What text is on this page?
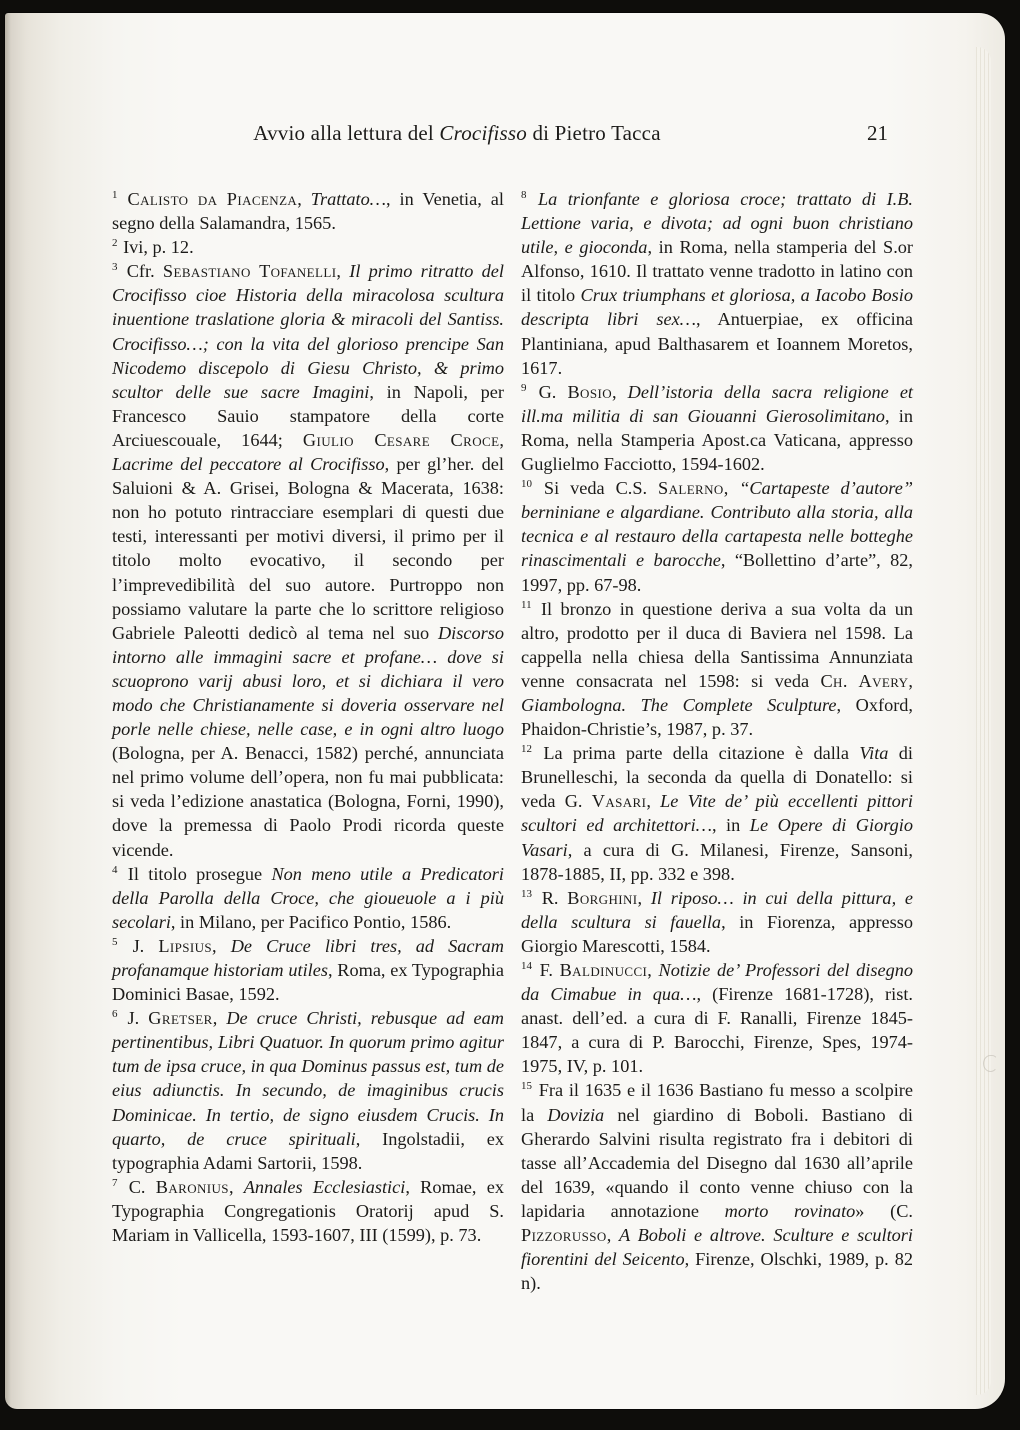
Avvio alla lettura del Crocifisso di Pietro Tacca	21

$^1$ Calisto da Piacenza, Trattato…, in Venetia, al segno della Salamandra, 1565.

$^2$ Ivi, p. 12.

$^3$ Cfr. Sebastiano Tofanelli, Il primo ritratto del Crocifisso cioe Historia della miracolosa scultura inuentione traslatione gloria & miracoli del Santiss. Crocifisso…; con la vita del glorioso prencipe San Nicodemo discepolo di Giesu Christo, & primo scultor delle sue sacre Imagini, in Napoli, per Francesco Sauio stampatore della corte Arciuescouale, 1644; Giulio Cesare Croce, Lacrime del peccatore al Crocifisso, per gl’her. del Saluioni & A. Grisei, Bologna & Macerata, 1638: non ho potuto rintracciare esemplari di questi due testi, interessanti per motivi diversi, il primo per il titolo molto evocativo, il secondo per l’imprevedibilità del suo autore. Purtroppo non possiamo valutare la parte che lo scrittore religioso Gabriele Paleotti dedicò al tema nel suo Discorso intorno alle immagini sacre et profane… dove si scuoprono varij abusi loro, et si dichiara il vero modo che Christianamente si doveria osservare nel porle nelle chiese, nelle case, e in ogni altro luogo (Bologna, per A. Benacci, 1582) perché, annunciata nel primo volume dell’opera, non fu mai pubblicata: si veda l’edizione anastatica (Bologna, Forni, 1990), dove la premessa di Paolo Prodi ricorda queste vicende.

$^4$ Il titolo prosegue Non meno utile a Predicatori della Parolla della Croce, che gioueuole a i più secolari, in Milano, per Pacifico Pontio, 1586.

$^5$ J. Lipsius, De Cruce libri tres, ad Sacram profanamque historiam utiles, Roma, ex Typographia Dominici Basae, 1592.

$^6$ J. Gretser, De cruce Christi, rebusque ad eam pertinentibus, Libri Quatuor. In quorum primo agitur tum de ipsa cruce, in qua Dominus passus est, tum de eius adiunctis. In secundo, de imaginibus crucis Dominicae. In tertio, de signo eiusdem Crucis. In quarto, de cruce spirituali, Ingolstadii, ex typographia Adami Sartorii, 1598.

$^7$ C. Baronius, Annales Ecclesiastici, Romae, ex Typographia Congregationis Oratorij apud S. Mariam in Vallicella, 1593-1607, III (1599), p. 73.

$^8$ La trionfante e gloriosa croce; trattato di I.B. Lettione varia, e divota; ad ogni buon christiano utile, e gioconda, in Roma, nella stamperia del S.or Alfonso, 1610. Il trattato venne tradotto in latino con il titolo Crux triumphans et gloriosa, a Iacobo Bosio descripta libri sex…, Antuerpiae, ex officina Plantiniana, apud Balthasarem et Ioannem Moretos, 1617.

$^9$ G. Bosio, Dell’istoria della sacra religione et ill.ma militia di san Giouanni Gierosolimitano, in Roma, nella Stamperia Apost.ca Vaticana, appresso Guglielmo Facciotto, 1594-1602.

$^{10}$ Si veda C.S. Salerno, “Cartapeste d’autore” berniniane e algardiane. Contributo alla storia, alla tecnica e al restauro della cartapesta nelle botteghe rinascimentali e barocche, “Bollettino d’arte”, 82, 1997, pp. 67-98.

$^{11}$ Il bronzo in questione deriva a sua volta da un altro, prodotto per il duca di Baviera nel 1598. La cappella nella chiesa della Santissima Annunziata venne consacrata nel 1598: si veda Ch. Avery, Giambologna. The Complete Sculpture, Oxford, Phaidon-Christie’s, 1987, p. 37.

$^{12}$ La prima parte della citazione è dalla Vita di Brunelleschi, la seconda da quella di Donatello: si veda G. Vasari, Le Vite de’ più eccellenti pittori scultori ed architettori…, in Le Opere di Giorgio Vasari, a cura di G. Milanesi, Firenze, Sansoni, 1878-1885, II, pp. 332 e 398.

$^{13}$ R. Borghini, Il riposo… in cui della pittura, e della scultura si fauella, in Fiorenza, appresso Giorgio Marescotti, 1584.

$^{14}$ F. Baldinucci, Notizie de’ Professori del disegno da Cimabue in qua…, (Firenze 1681-1728), rist. anast. dell’ed. a cura di F. Ranalli, Firenze 1845-1847, a cura di P. Barocchi, Firenze, Spes, 1974-1975, IV, p. 101.

$^{15}$ Fra il 1635 e il 1636 Bastiano fu messo a scolpire la Dovizia nel giardino di Boboli. Bastiano di Gherardo Salvini risulta registrato fra i debitori di tasse all’Accademia del Disegno dal 1630 all’aprile del 1639, «quando il conto venne chiuso con la lapidaria annotazione morto rovinato» (C. Pizzorusso, A Boboli e altrove. Sculture e scultori fiorentini del Seicento, Firenze, Olschki, 1989, p. 82 n).
